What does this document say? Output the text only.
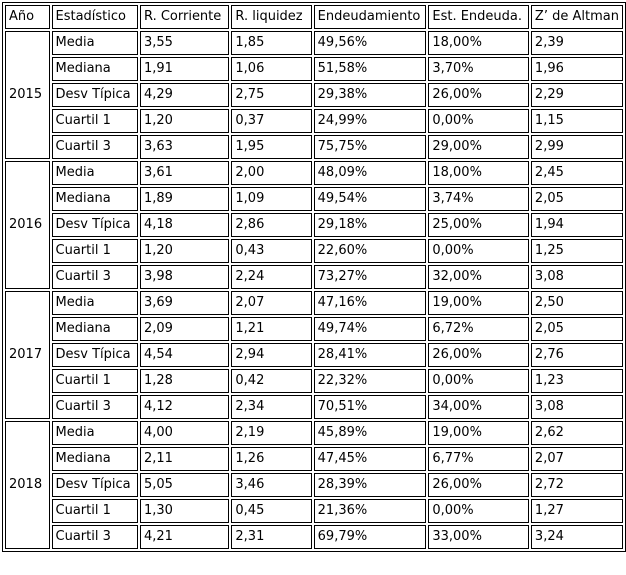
Año	Estadístico	R. Corriente	R. liquidez	Endeudamiento	Est. Endeuda.	Z’ de Altman
2015	Media	3,55	1,85	49,56%	18,00%	2,39
	Mediana	1,91	1,06	51,58%	3,70%	1,96
	Desv Típica	4,29	2,75	29,38%	26,00%	2,29
	Cuartil 1	1,20	0,37	24,99%	0,00%	1,15
	Cuartil 3	3,63	1,95	75,75%	29,00%	2,99
2016	Media	3,61	2,00	48,09%	18,00%	2,45
	Mediana	1,89	1,09	49,54%	3,74%	2,05
	Desv Típica	4,18	2,86	29,18%	25,00%	1,94
	Cuartil 1	1,20	0,43	22,60%	0,00%	1,25
	Cuartil 3	3,98	2,24	73,27%	32,00%	3,08
2017	Media	3,69	2,07	47,16%	19,00%	2,50
	Mediana	2,09	1,21	49,74%	6,72%	2,05
	Desv Típica	4,54	2,94	28,41%	26,00%	2,76
	Cuartil 1	1,28	0,42	22,32%	0,00%	1,23
	Cuartil 3	4,12	2,34	70,51%	34,00%	3,08
2018	Media	4,00	2,19	45,89%	19,00%	2,62
	Mediana	2,11	1,26	47,45%	6,77%	2,07
	Desv Típica	5,05	3,46	28,39%	26,00%	2,72
	Cuartil 1	1,30	0,45	21,36%	0,00%	1,27
	Cuartil 3	4,21	2,31	69,79%	33,00%	3,24
